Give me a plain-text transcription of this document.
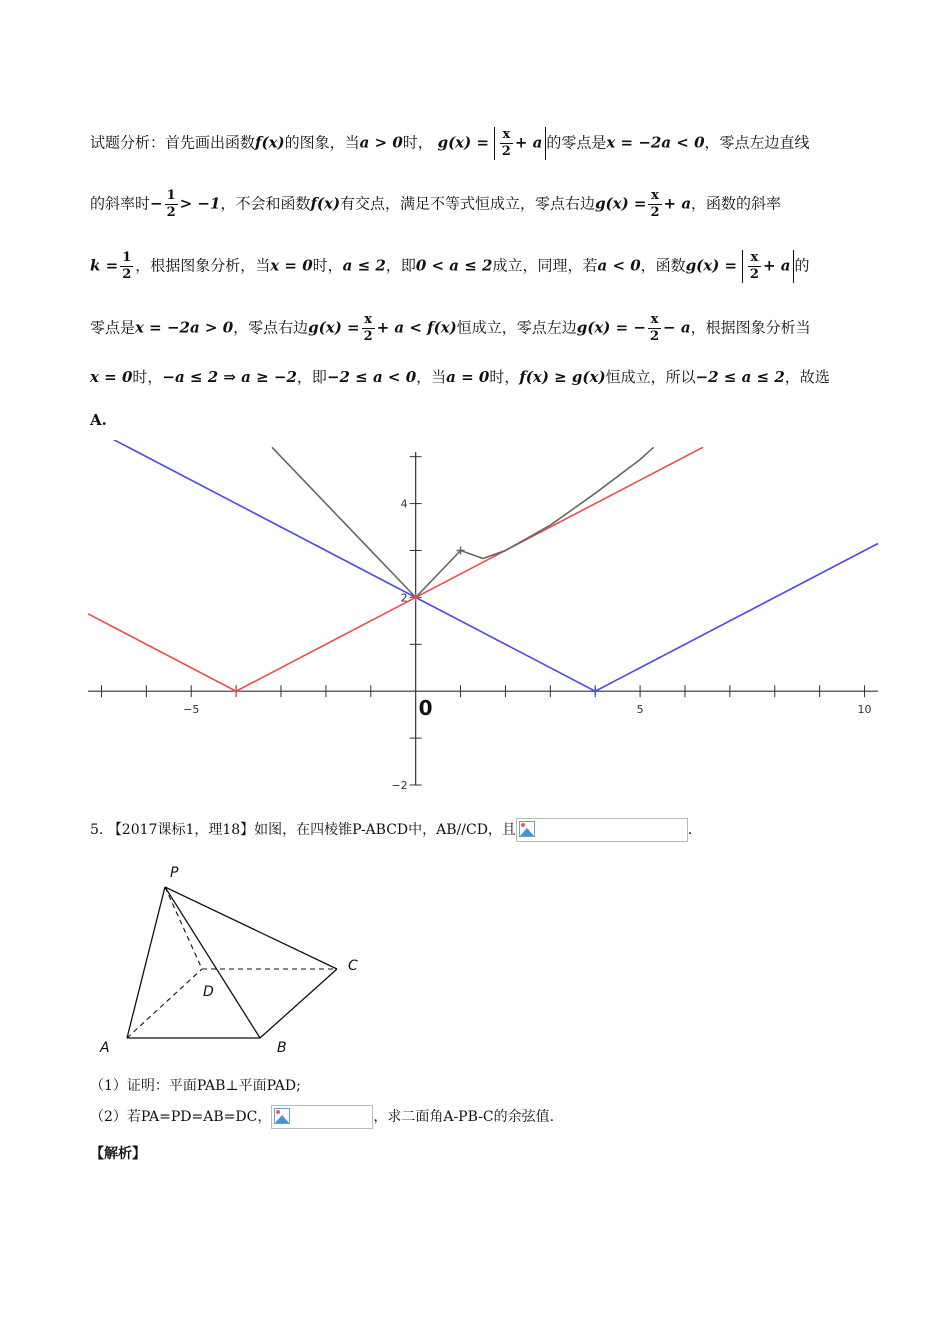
试题分析：首先画出函数f(x)的图象，当a > 0时， $g(x) = \frac{x}{2} + a$ 的零点是x = −2a < 0，零点左边直线
的斜率时− $\frac{1}{2} > -1$，不会和函数f(x)有交点，满足不等式恒成立，零点右边$g(x) = \frac{x}{2} + a$，函数的斜率
$k = \frac{1}{2}$ ，根据图象分析，当x = 0时，a ≤ 2，即0 < a ≤ 2成立，同理，若a < 0，函数$g(x) = \frac{x}{2} + a$ 的
零点是x = −2a > 0，零点右边$g(x) = \frac{x}{2} + a < f(x)$恒成立，零点左边g(x) = − $\frac{x}{2} - a$，根据图象分析当
x = 0时，−a ≤ 2 ⇒ a ≥ −2，即−2 ≤ a < 0，当a = 0时，f(x) ≥ g(x)恒成立，所以−2 ≤ a ≤ 2，故选
A.
−5	5	10
4
2
−2
0
5. 【2017课标1，理18】如图，在四棱锥P-ABCD中，AB//CD，且	.
P
A	B
C
D
（1）证明：平面PAB⊥平面PAD;
（2）若PA=PD=AB=DC，	，求二面角A-PB-C的余弦值.
【解析】
